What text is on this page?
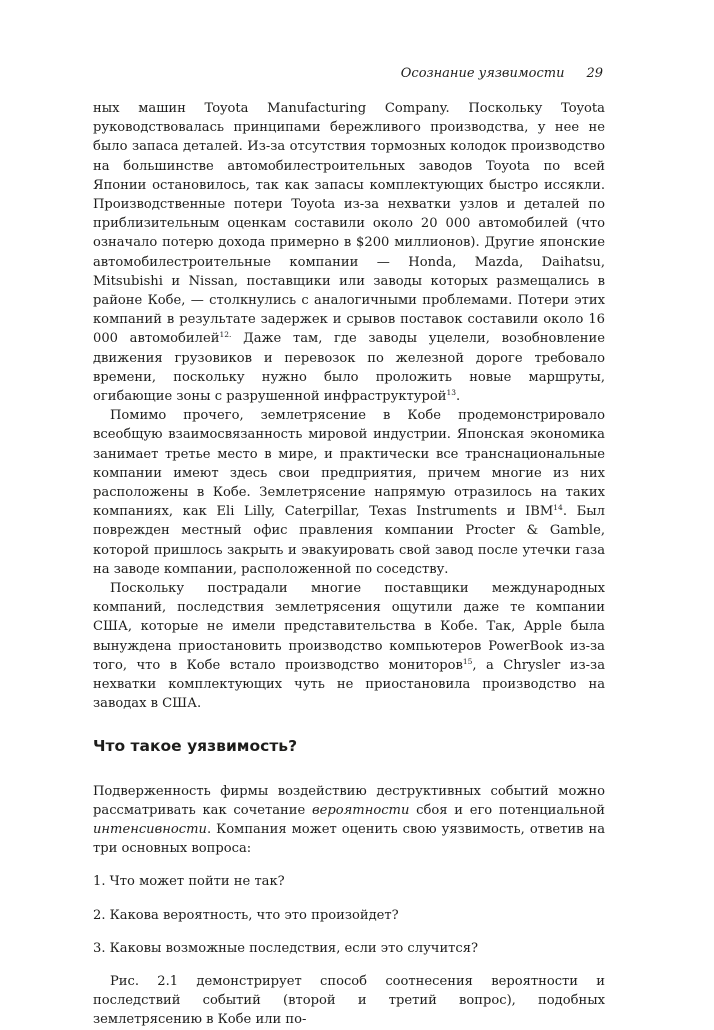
Осознание уязвимости 29

ных машин Toyota Manufacturing Company. Поскольку Toyota руководствовалась принципами бережливого производства, у нее не было запаса деталей. Из-за отсутствия тормозных колодок производство на большинстве автомобилестроительных заводов Toyota по всей Японии остановилось, так как запасы комплектующих быстро иссякли. Производственные потери Toyota из-за нехватки узлов и деталей по приблизительным оценкам составили около 20 000 автомобилей (что означало потерю дохода примерно в $200 миллионов). Другие японские автомобилестроительные компании — Honda, Mazda, Daihatsu, Mitsubishi и Nissan, поставщики или заводы которых размещались в районе Кобе, — столкнулись с аналогичными проблемами. Потери этих компаний в результате задержек и срывов поставок составили около 16 000 автомобилей$^{12.}$ Даже там, где заводы уцелели, возобновление движения грузовиков и перевозок по железной дороге требовало времени, поскольку нужно было проложить новые маршруты, огибающие зоны с разрушенной инфраструктурой$^{13}$.

Помимо прочего, землетрясение в Кобе продемонстрировало всеобщую взаимосвязанность мировой индустрии. Японская экономика занимает третье место в мире, и практически все транснациональные компании имеют здесь свои предприятия, причем многие из них расположены в Кобе. Землетрясение напрямую отразилось на таких компаниях, как Eli Lilly, Caterpillar, Texas Instruments и IBM$^{14}$. Был поврежден местный офис правления компании Procter & Gamble, которой пришлось закрыть и эвакуировать свой завод после утечки газа на заводе компании, расположенной по соседству.

Поскольку пострадали многие поставщики международных компаний, последствия землетрясения ощутили даже те компании США, которые не имели представительства в Кобе. Так, Apple была вынуждена приостановить производство компьютеров PowerBook из-за того, что в Кобе встало производство мониторов$^{15}$, а Chrysler из-за нехватки комплектующих чуть не приостановила производство на заводах в США.

Что такое уязвимость?

Подверженность фирмы воздействию деструктивных событий можно рассматривать как сочетание вероятности сбоя и его потенциальной интенсивности. Компания может оценить свою уязвимость, ответив на три основных вопроса:

1. Что может пойти не так?
2. Какова вероятность, что это произойдет?
3. Каковы возможные последствия, если это случится?

Рис. 2.1 демонстрирует способ соотнесения вероятности и последствий событий (второй и третий вопрос), подобных землетрясению в Кобе или по-
